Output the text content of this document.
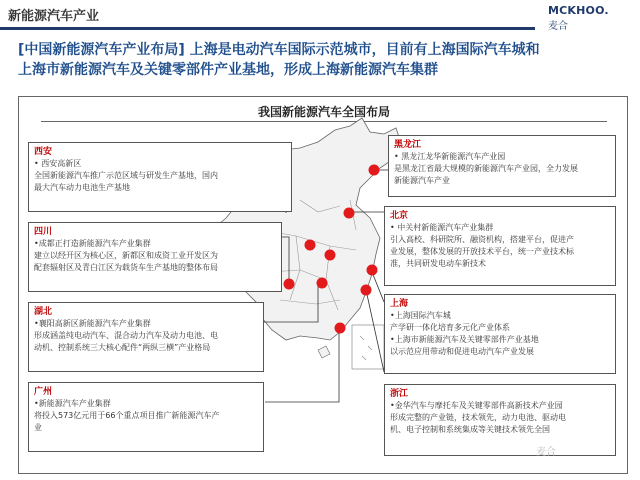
新能源汽车产业	MCKHOO.
麦合
[中国新能源汽车产业布局] 上海是电动汽车国际示范城市，目前有上海国际汽车城和
上海市新能源汽车及关键零部件产业基地，形成上海新能源汽车集群
我国新能源汽车全国布局
西安

• 西安高新区

全国新能源汽车推广示范区域与研发生产基地，国内

最大汽车动力电池生产基地

四川

•成都正打造新能源汽车产业集群

建立以经开区为核心区，新都区和成资工业开发区为

配套辐射区及青白江区为载货车生产基地的整体布局

湖北

•襄阳高新区新能源汽车产业集群

形成涵盖纯电动汽车、混合动力汽车及动力电池、电

动机、控制系统三大核心配件“两纵三横”产业格局

广州

•新能源汽车产业集群

将投入573亿元用于66个重点项目推广新能源汽车产

业

黑龙江

• 黑龙江龙华新能源汽车产业园

是黑龙江省最大规模的新能源汽车产业园，全力发展

新能源汽车产业

北京

• 中关村新能源汽车产业集群

引入高校、科研院所、融资机构，搭建平台，促进产

业发展，整体发展的开放技术平台，统一产业技术标

准，共同研发电动车新技术

上海

•上海国际汽车城

产学研一体化培育多元化产业体系

•上海市新能源汽车及关键零部件产业基地

以示范应用带动和促进电动汽车产业发展

浙江

•金华汽车与摩托车及关键零部件高新技术产业园

形成完整的产业链，技术领先，动力电池、驱动电

机、电子控制和系统集成等关键技术领先全国

麦合
